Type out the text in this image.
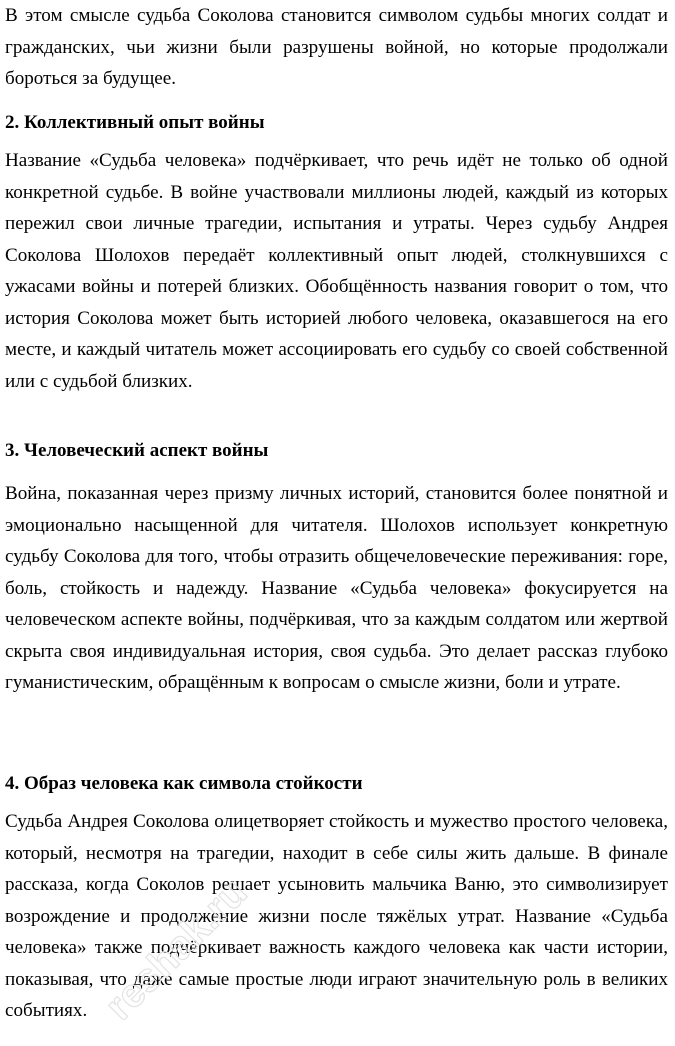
В этом смысле судьба Соколова становится символом судьбы многих солдат и гражданских, чьи жизни были разрушены войной, но которые продолжали бороться за будущее.

2. Коллективный опыт войны

Название «Судьба человека» подчёркивает, что речь идёт не только об одной конкретной судьбе. В войне участвовали миллионы людей, каждый из которых пережил свои личные трагедии, испытания и утраты. Через судьбу Андрея Соколова Шолохов передаёт коллективный опыт людей, столкнувшихся с ужасами войны и потерей близких. Обобщённость названия говорит о том, что история Соколова может быть историей любого человека, оказавшегося на его месте, и каждый читатель может ассоциировать его судьбу со своей собственной или с судьбой близких.

3. Человеческий аспект войны

Война, показанная через призму личных историй, становится более понятной и эмоционально насыщенной для читателя. Шолохов использует конкретную судьбу Соколова для того, чтобы отразить общечеловеческие переживания: горе, боль, стойкость и надежду. Название «Судьба человека» фокусируется на человеческом аспекте войны, подчёркивая, что за каждым солдатом или жертвой скрыта своя индивидуальная история, своя судьба. Это делает рассказ глубоко гуманистическим, обращённым к вопросам о смысле жизни, боли и утрате.

4. Образ человека как символа стойкости

Судьба Андрея Соколова олицетворяет стойкость и мужество простого человека, который, несмотря на трагедии, находит в себе силы жить дальше. В финале рассказа, когда Соколов решает усыновить мальчика Ваню, это символизирует возрождение и продолжение жизни после тяжёлых утрат. Название «Судьба человека» также подчёркивает важность каждого человека как части истории, показывая, что даже самые простые люди играют значительную роль в великих событиях. reshak.ru
